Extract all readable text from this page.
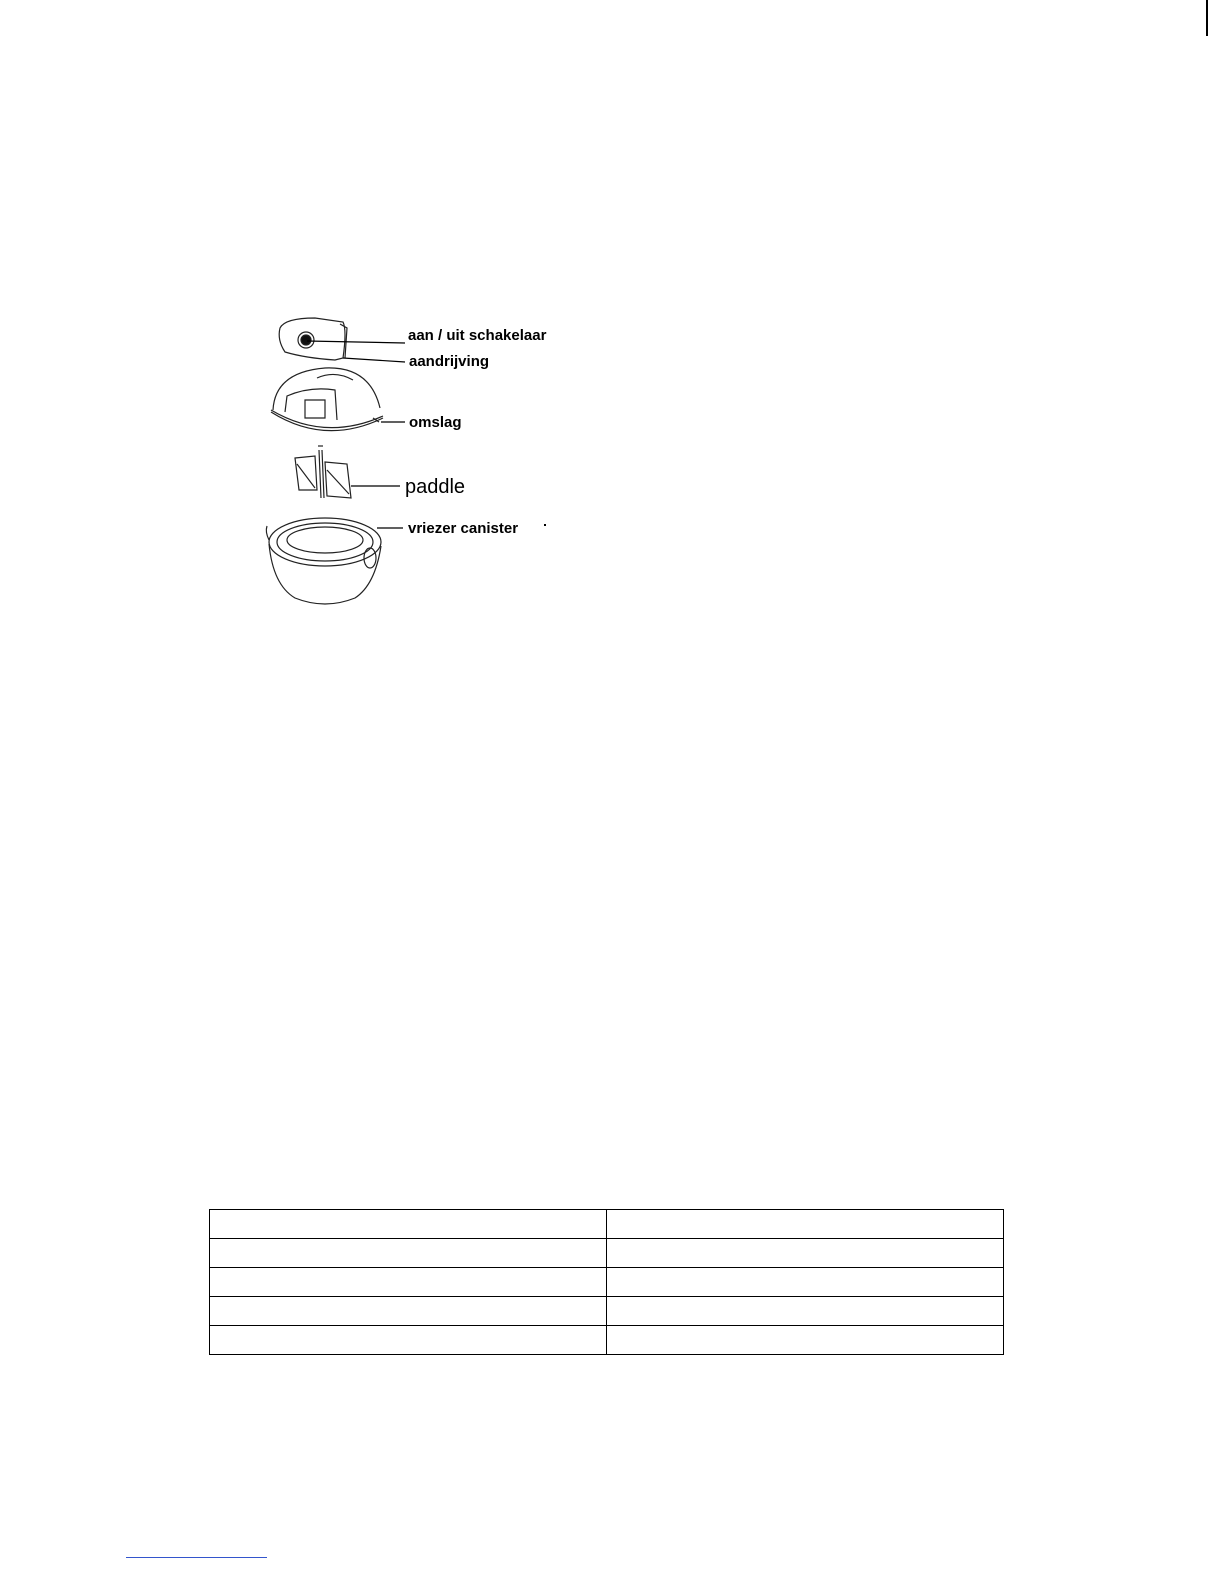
aan / uit schakelaar
aandrijving
omslag
paddle
vriezer canister
